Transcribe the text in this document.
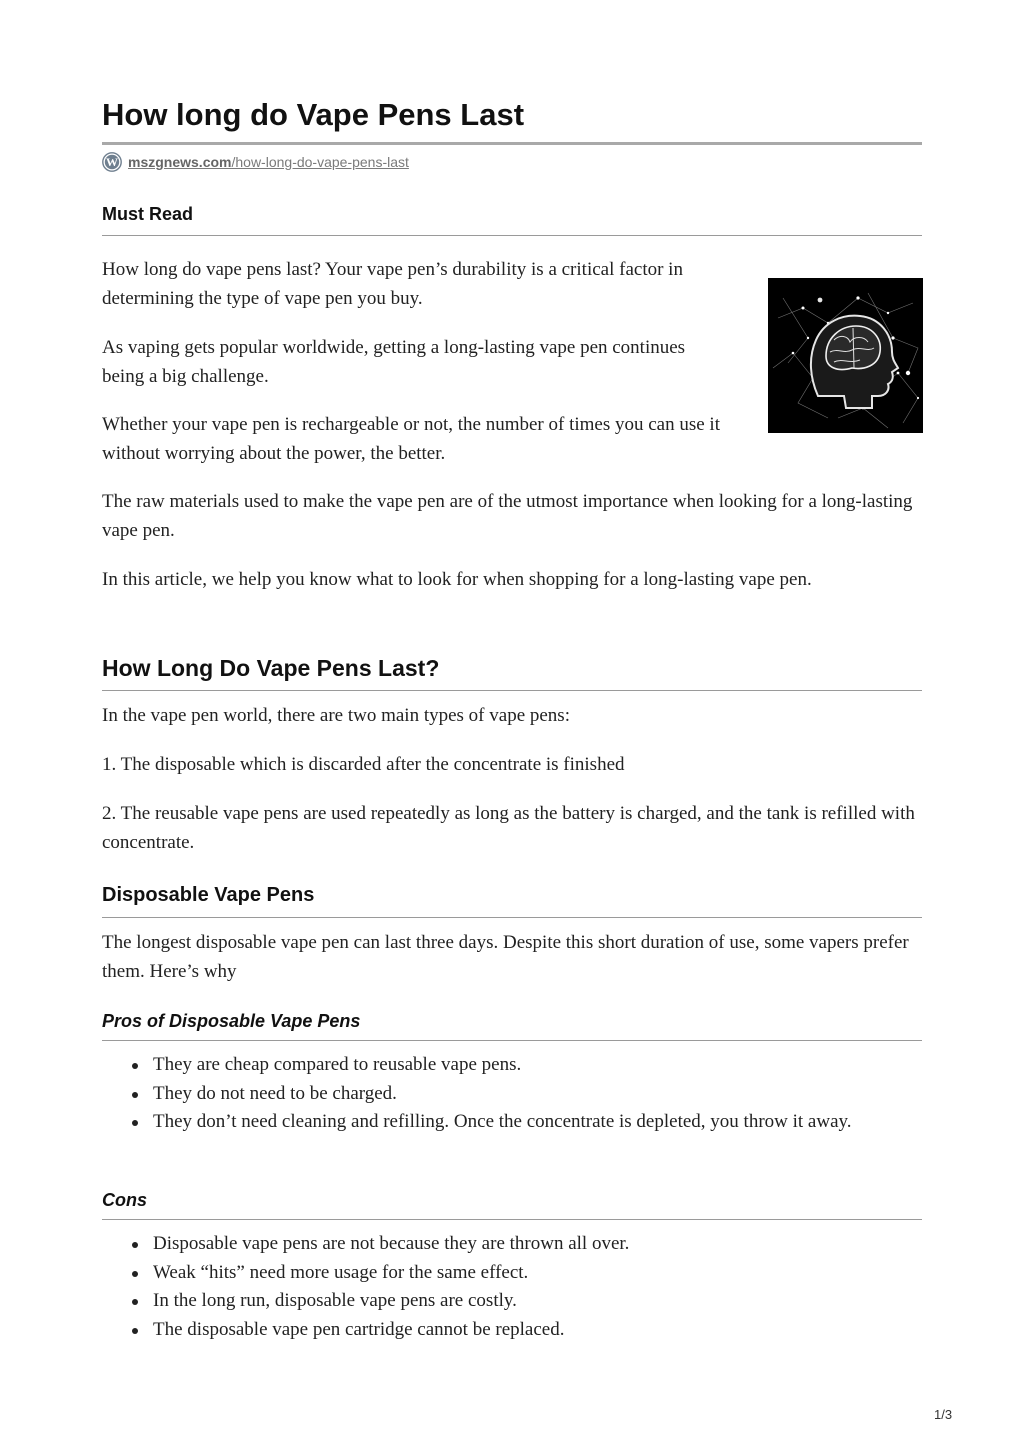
How long do Vape Pens Last
W mszgnews.com/how-long-do-vape-pens-last
Must Read

How long do vape pens last? Your vape pen’s durability is a critical factor in determining the type of vape pen you buy.

As vaping gets popular worldwide, getting a long-lasting vape pen continues being a big challenge.

Whether your vape pen is rechargeable or not, the number of times you can use it without worrying about the power, the better.

The raw materials used to make the vape pen are of the utmost importance when looking for a long-lasting vape pen.

In this article, we help you know what to look for when shopping for a long-lasting vape pen.

How Long Do Vape Pens Last?

In the vape pen world, there are two main types of vape pens:

1. The disposable which is discarded after the concentrate is finished

2. The reusable vape pens are used repeatedly as long as the battery is charged, and the tank is refilled with concentrate.

Disposable Vape Pens

The longest disposable vape pen can last three days. Despite this short duration of use, some vapers prefer them. Here’s why

Pros of Disposable Vape Pens
They are cheap compared to reusable vape pens.
They do not need to be charged.
They don’t need cleaning and refilling. Once the concentrate is depleted, you throw it away.
Cons
Disposable vape pens are not because they are thrown all over.
Weak “hits” need more usage for the same effect.
In the long run, disposable vape pens are costly.
The disposable vape pen cartridge cannot be replaced.
1/3
